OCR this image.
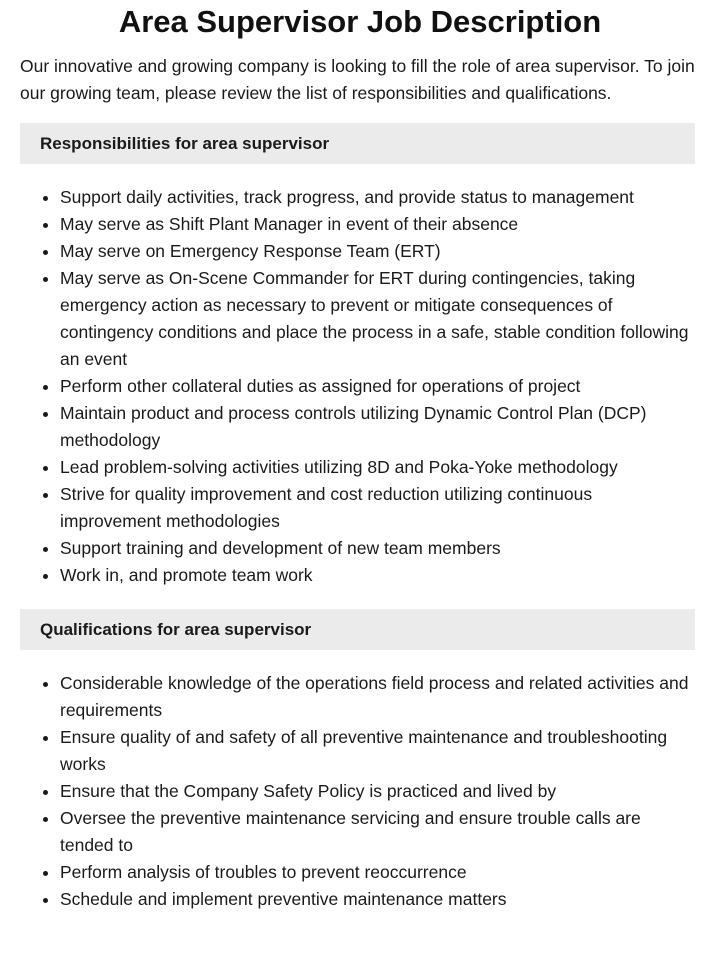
Area Supervisor Job Description

Our innovative and growing company is looking to fill the role of area supervisor. To join our growing team, please review the list of responsibilities and qualifications.

Responsibilities for area supervisor
• Support daily activities, track progress, and provide status to management
• May serve as Shift Plant Manager in event of their absence
• May serve on Emergency Response Team (ERT)
• May serve as On-Scene Commander for ERT during contingencies, taking emergency action as necessary to prevent or mitigate consequences of contingency conditions and place the process in a safe, stable condition following an event
• Perform other collateral duties as assigned for operations of project
• Maintain product and process controls utilizing Dynamic Control Plan (DCP) methodology
• Lead problem-solving activities utilizing 8D and Poka-Yoke methodology
• Strive for quality improvement and cost reduction utilizing continuous improvement methodologies
• Support training and development of new team members
• Work in, and promote team work
Qualifications for area supervisor
• Considerable knowledge of the operations field process and related activities and requirements
• Ensure quality of and safety of all preventive maintenance and troubleshooting works
• Ensure that the Company Safety Policy is practiced and lived by
• Oversee the preventive maintenance servicing and ensure trouble calls are tended to
• Perform analysis of troubles to prevent reoccurrence
• Schedule and implement preventive maintenance matters
